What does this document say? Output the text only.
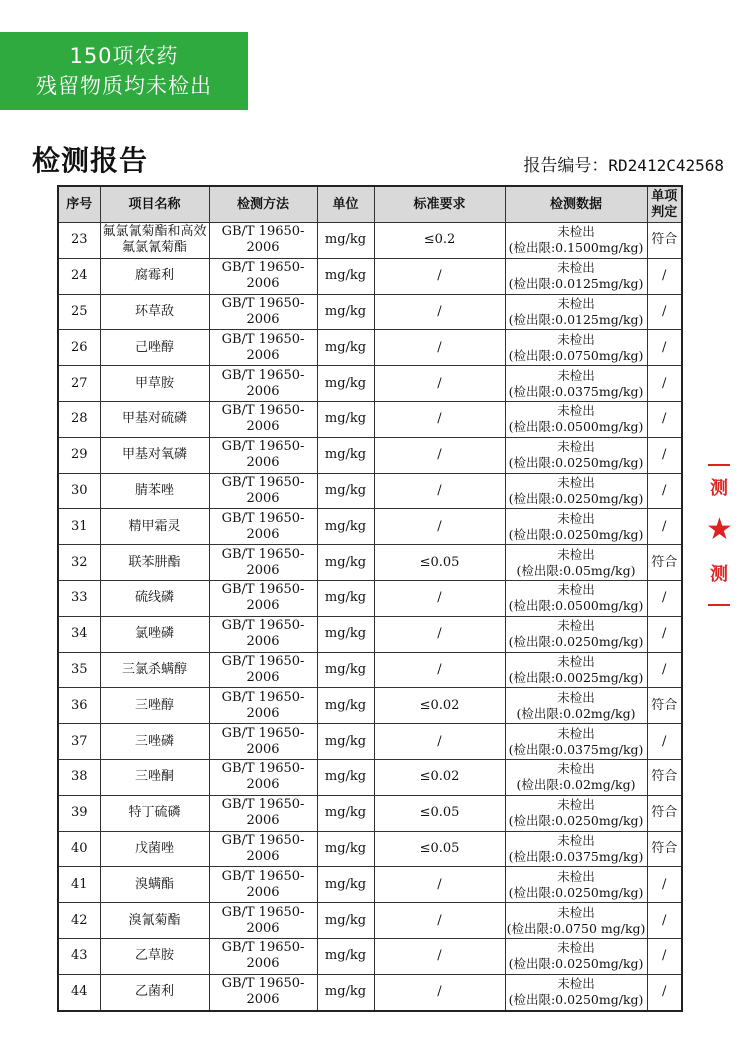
150项农药
残留物质均未检出
检测报告	报告编号：RD2412C42568
序号	项目名称	检测方法	单位	标准要求	检测数据	单项判定
23	氟氯氰菊酯和高效氟氯氰菊酯	GB/T 19650-2006	mg/kg	≤0.2	未检出
(检出限:0.1500mg/kg)	符合
24	腐霉利	GB/T 19650-2006	mg/kg	/	未检出
(检出限:0.0125mg/kg)	/
25	环草敌	GB/T 19650-2006	mg/kg	/	未检出
(检出限:0.0125mg/kg)	/
26	己唑醇	GB/T 19650-2006	mg/kg	/	未检出
(检出限:0.0750mg/kg)	/
27	甲草胺	GB/T 19650-2006	mg/kg	/	未检出
(检出限:0.0375mg/kg)	/
28	甲基对硫磷	GB/T 19650-2006	mg/kg	/	未检出
(检出限:0.0500mg/kg)	/
29	甲基对氧磷	GB/T 19650-2006	mg/kg	/	未检出
(检出限:0.0250mg/kg)	/
30	腈苯唑	GB/T 19650-2006	mg/kg	/	未检出
(检出限:0.0250mg/kg)	/
31	精甲霜灵	GB/T 19650-2006	mg/kg	/	未检出
(检出限:0.0250mg/kg)	/
32	联苯肼酯	GB/T 19650-2006	mg/kg	≤0.05	未检出
(检出限:0.05mg/kg)	符合
33	硫线磷	GB/T 19650-2006	mg/kg	/	未检出
(检出限:0.0500mg/kg)	/
34	氯唑磷	GB/T 19650-2006	mg/kg	/	未检出
(检出限:0.0250mg/kg)	/
35	三氯杀螨醇	GB/T 19650-2006	mg/kg	/	未检出
(检出限:0.0025mg/kg)	/
36	三唑醇	GB/T 19650-2006	mg/kg	≤0.02	未检出
(检出限:0.02mg/kg)	符合
37	三唑磷	GB/T 19650-2006	mg/kg	/	未检出
(检出限:0.0375mg/kg)	/
38	三唑酮	GB/T 19650-2006	mg/kg	≤0.02	未检出
(检出限:0.02mg/kg)	符合
39	特丁硫磷	GB/T 19650-2006	mg/kg	≤0.05	未检出
(检出限:0.0250mg/kg)	符合
40	戊菌唑	GB/T 19650-2006	mg/kg	≤0.05	未检出
(检出限:0.0375mg/kg)	符合
41	溴螨酯	GB/T 19650-2006	mg/kg	/	未检出
(检出限:0.0250mg/kg)	/
42	溴氰菊酯	GB/T 19650-2006	mg/kg	/	未检出
(检出限:0.0750 mg/kg)	/
43	乙草胺	GB/T 19650-2006	mg/kg	/	未检出
(检出限:0.0250mg/kg)	/
44	乙菌利	GB/T 19650-2006	mg/kg	/	未检出
(检出限:0.0250mg/kg)	/
测
★
测
